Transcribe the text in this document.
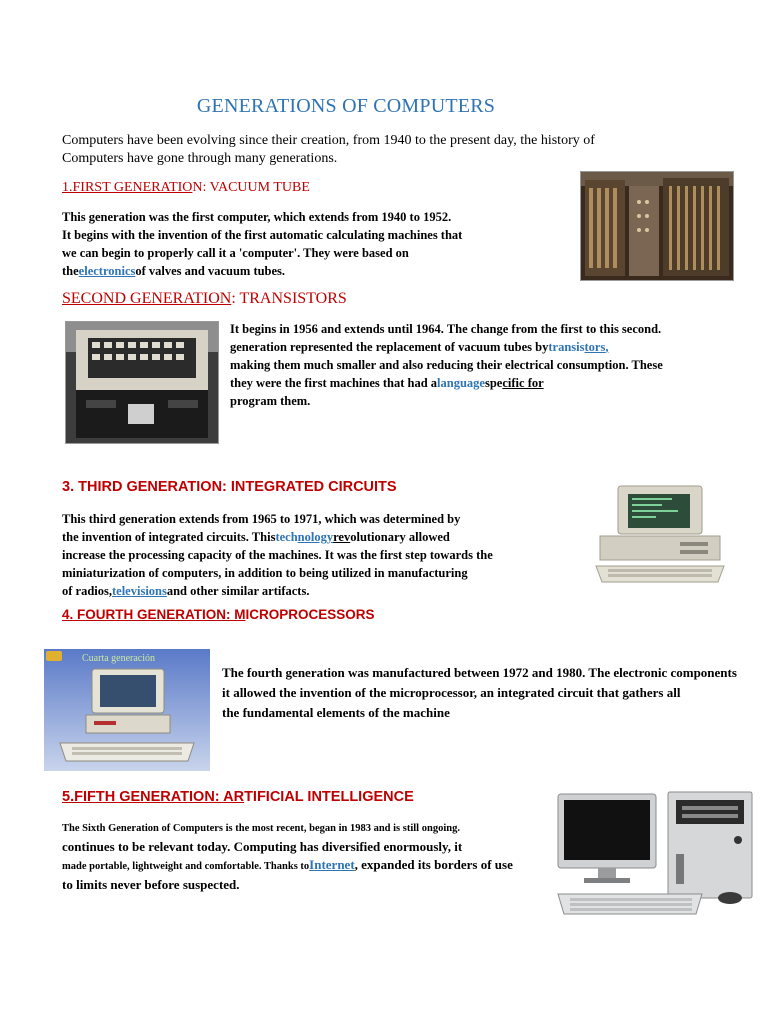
GENERATIONS OF COMPUTERS
Computers have been evolving since their creation, from 1940 to the present day, the history of
Computers have gone through many generations.
1.FIRST GENERATION: VACUUM TUBE
This generation was the first computer, which extends from 1940 to 1952.
It begins with the invention of the first automatic calculating machines that
we can begin to properly call it a 'computer'. They were based on
theelectronicsof valves and vacuum tubes.
SECOND GENERATION: TRANSISTORS
It begins in 1956 and extends until 1964. The change from the first to this second.
generation represented the replacement of vacuum tubes bytransistors,
making them much smaller and also reducing their electrical consumption. These
they were the first machines that had alanguagespecific for
program them.
3. THIRD GENERATION: INTEGRATED CIRCUITS
This third generation extends from 1965 to 1971, which was determined by
the invention of integrated circuits. Thistechnologyrevolutionary allowed
increase the processing capacity of the machines. It was the first step towards the
miniaturization of computers, in addition to being utilized in manufacturing
of radios,televisionsand other similar artifacts.
4. FOURTH GENERATION: MICROPROCESSORS
Cuarta generación
The fourth generation was manufactured between 1972 and 1980. The electronic components
it allowed the invention of the microprocessor, an integrated circuit that gathers all
the fundamental elements of the machine
5.FIFTH GENERATION: ARTIFICIAL INTELLIGENCE
The Sixth Generation of Computers is the most recent, began in 1983 and is still ongoing.
continues to be relevant today. Computing has diversified enormously, it
made portable, lightweight and comfortable. Thanks toInternet, expanded its borders of use
to limits never before suspected.
